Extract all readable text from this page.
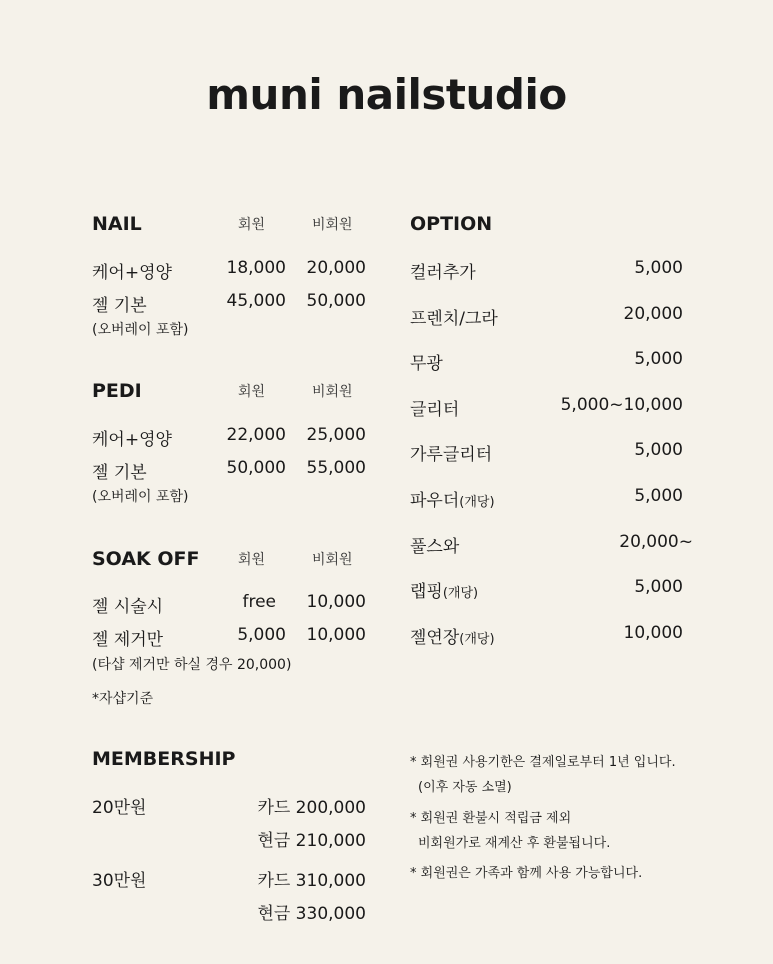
muni nailstudio
NAIL	회원	비회원
케어+영양	18,000	20,000
젤 기본	45,000	50,000
(오버레이 포함)
PEDI	회원	비회원
케어+영양	22,000	25,000
젤 기본	50,000	55,000
(오버레이 포함)
SOAK OFF	회원	비회원
젤 시술시	free	10,000
젤 제거만	5,000	10,000
(타샵 제거만 하실 경우 20,000)
*자샵기준
OPTION
컬러추가	5,000
프렌치/그라	20,000
무광	5,000
글리터	5,000~10,000
가루글리터	5,000
파우더(개당)	5,000
풀스와	20,000~
랩핑(개당)	5,000
젤연장(개당)	10,000
MEMBERSHIP
20만원	카드 200,000
현금 210,000
30만원	카드 310,000
현금 330,000
* 회원권 사용기한은 결제일로부터 1년 입니다.
(이후 자동 소멸)
* 회원권 환불시 적립금 제외
비회원가로 재계산 후 환불됩니다.
* 회원권은 가족과 함께 사용 가능합니다.
